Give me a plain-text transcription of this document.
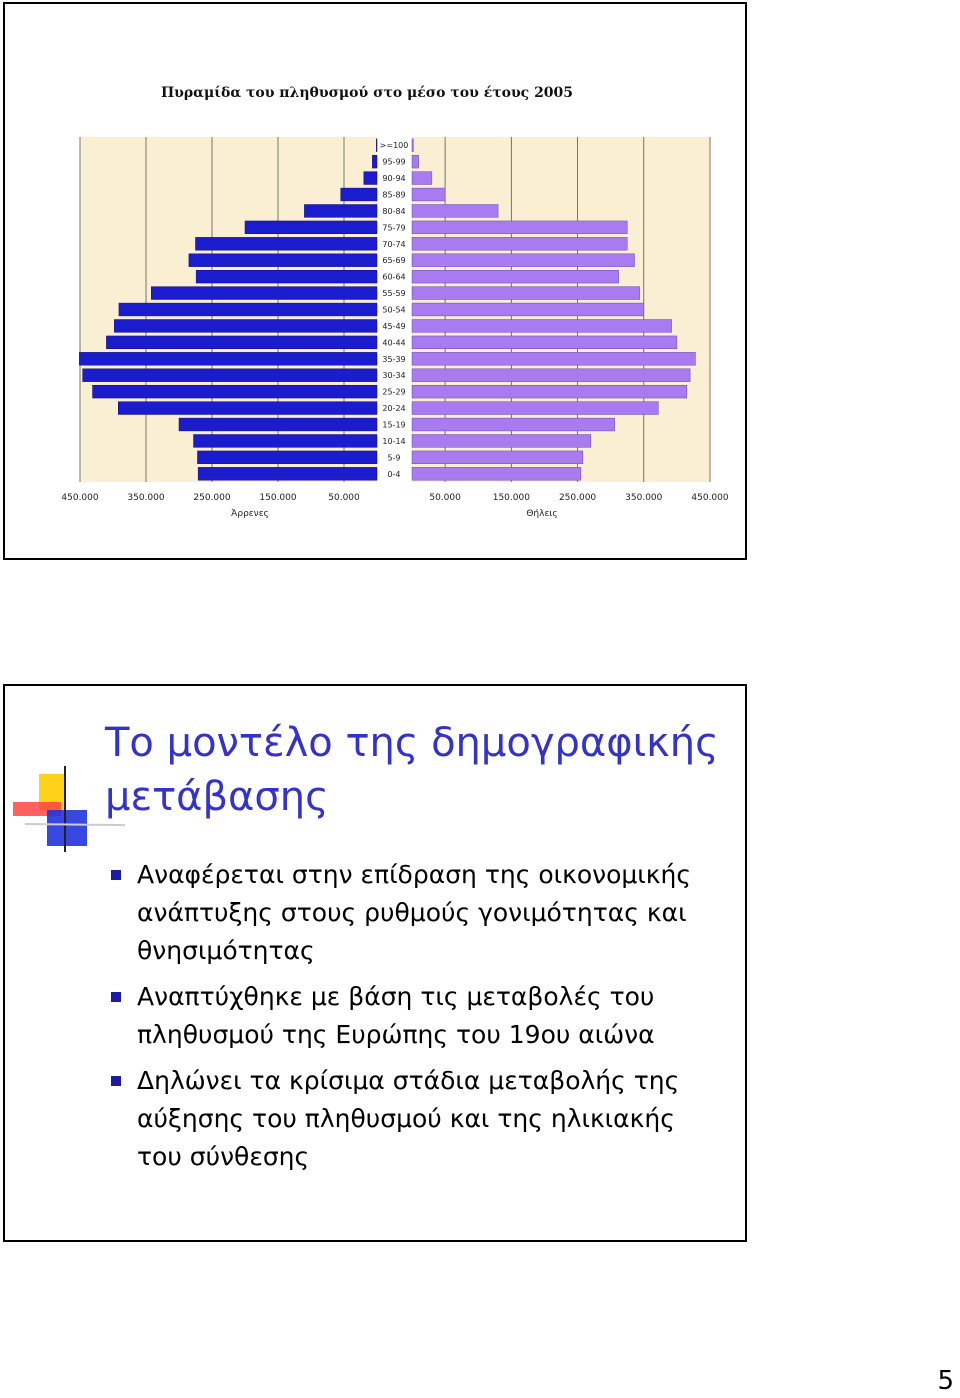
Πυραμίδα του πληθυσμού στο μέσο του έτους 2005
0-4
5-9
10-14
15-19
20-24
25-29
30-34
35-39
40-44
45-49
50-54
55-59
60-64
65-69
70-74
75-79
80-84
85-89
90-94
95-99
>=100
450.000	350.000	250.000	150.000	50.000	50.000	150.000	250.000	350.000	450.000
Άρρενες	Θήλεις
Το μοντέλο της δημογραφικής μετάβασης
Αναφέρεται στην επίδραση της οικονομικής ανάπτυξης στους ρυθμούς γονιμότητας και θνησιμότητας
Αναπτύχθηκε με βάση τις μεταβολές του πληθυσμού της Ευρώπης του 19ου αιώνα
Δηλώνει τα κρίσιμα στάδια μεταβολής της αύξησης του πληθυσμού και της ηλικιακής του σύνθεσης
5
